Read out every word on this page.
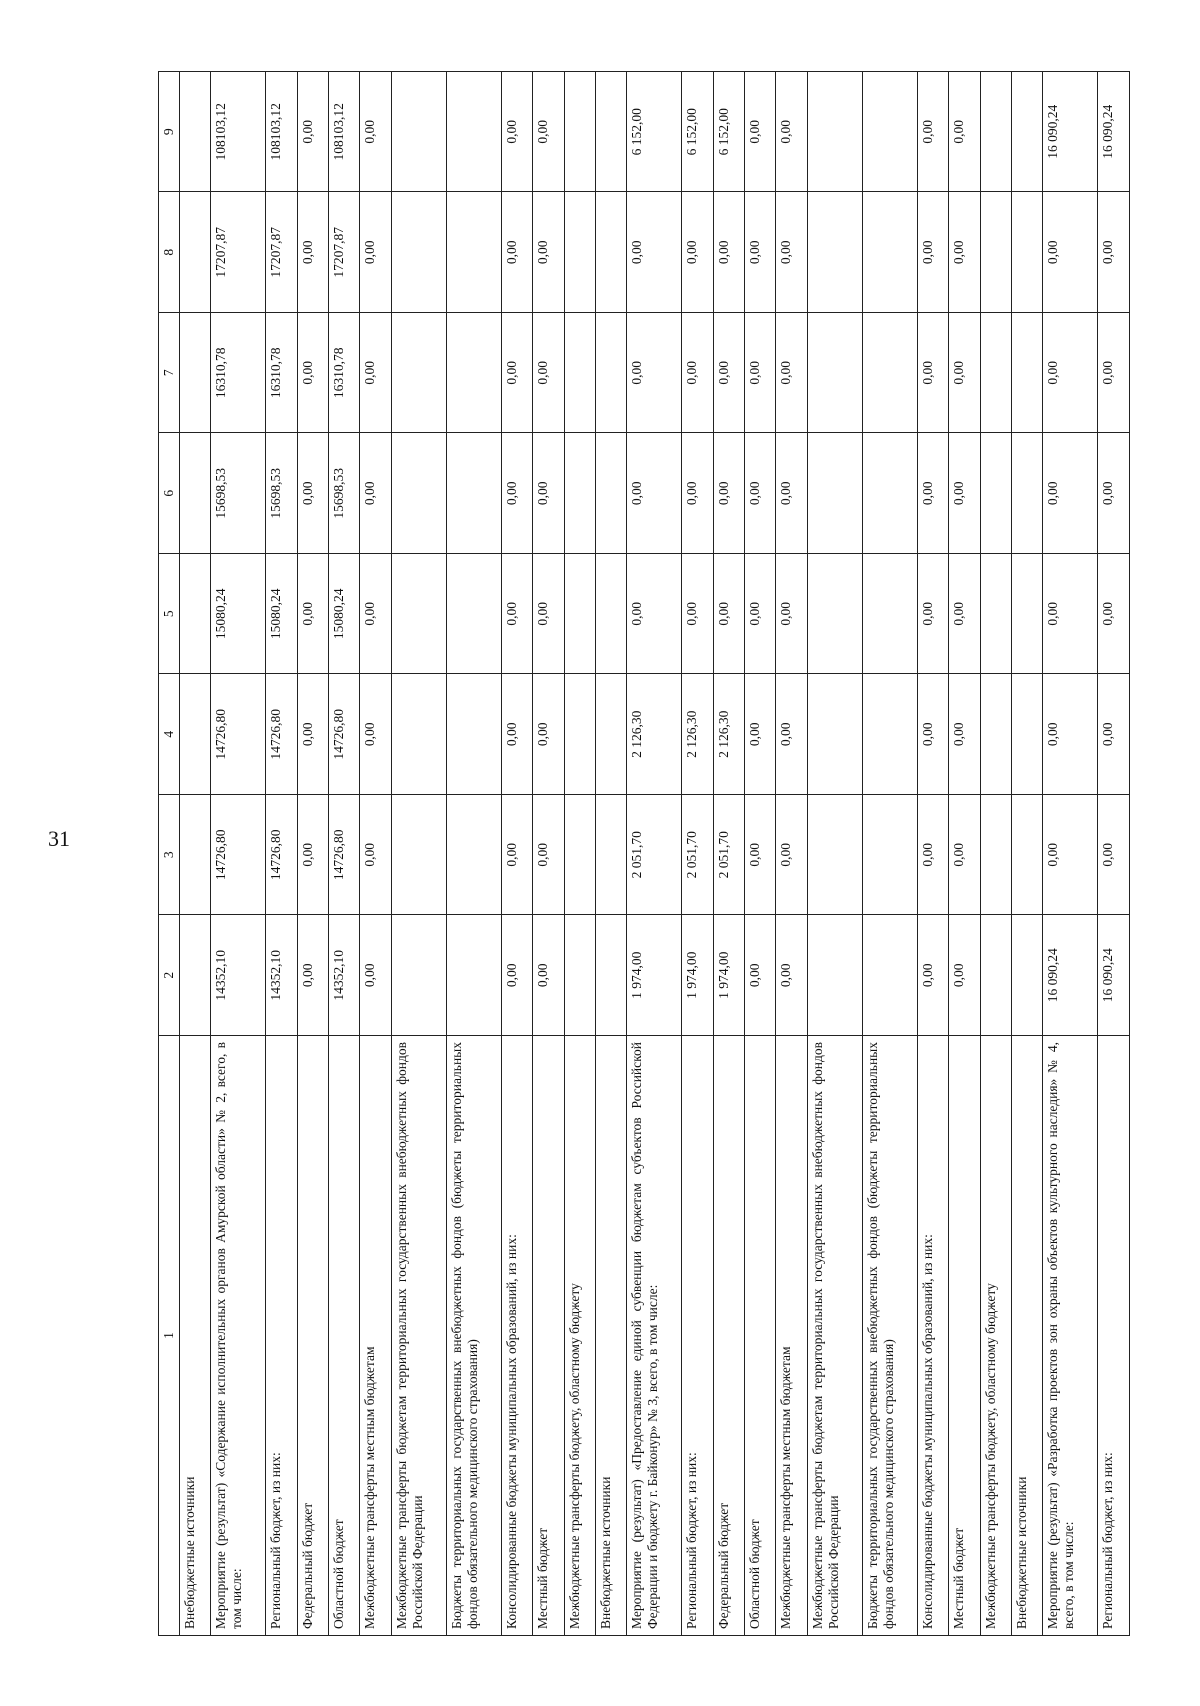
31
1	2	3	4	5	6	7	8	9
Внебюджетные источники								
Мероприятие (результат) «Содержание исполнительных органов Амурской области» № 2, всего, в том числе:	14352,10	14726,80	14726,80	15080,24	15698,53	16310,78	17207,87	108103,12
Региональный бюджет, из них:	14352,10	14726,80	14726,80	15080,24	15698,53	16310,78	17207,87	108103,12
Федеральный бюджет	0,00	0,00	0,00	0,00	0,00	0,00	0,00	0,00
Областной бюджет	14352,10	14726,80	14726,80	15080,24	15698,53	16310,78	17207,87	108103,12
Межбюджетные трансферты местным бюджетам	0,00	0,00	0,00	0,00	0,00	0,00	0,00	0,00
Межбюджетные трансферты бюджетам территориальных государственных внебюджетных фондов Российской Федерации								
Бюджеты территориальных государственных внебюджетных фондов (бюджеты территориальных фондов обязательного медицинского страхования)								
Консолидированные бюджеты муниципальных образований, из них:	0,00	0,00	0,00	0,00	0,00	0,00	0,00	0,00
Местный бюджет	0,00	0,00	0,00	0,00	0,00	0,00	0,00	0,00
Межбюджетные трансферты бюджету, областному бюджету								
Внебюджетные источники								
Мероприятие (результат) «Предоставление единой субвенции бюджетам субъектов Российской Федерации и бюджету г. Байконур» № 3, всего, в том числе:	1 974,00	2 051,70	2 126,30	0,00	0,00	0,00	0,00	6 152,00
Региональный бюджет, из них:	1 974,00	2 051,70	2 126,30	0,00	0,00	0,00	0,00	6 152,00
Федеральный бюджет	1 974,00	2 051,70	2 126,30	0,00	0,00	0,00	0,00	6 152,00
Областной бюджет	0,00	0,00	0,00	0,00	0,00	0,00	0,00	0,00
Межбюджетные трансферты местным бюджетам	0,00	0,00	0,00	0,00	0,00	0,00	0,00	0,00
Межбюджетные трансферты бюджетам территориальных государственных внебюджетных фондов Российской Федерации								
Бюджеты территориальных государственных внебюджетных фондов (бюджеты территориальных фондов обязательного медицинского страхования)								
Консолидированные бюджеты муниципальных образований, из них:	0,00	0,00	0,00	0,00	0,00	0,00	0,00	0,00
Местный бюджет	0,00	0,00	0,00	0,00	0,00	0,00	0,00	0,00
Межбюджетные трансферты бюджету, областному бюджету								
Внебюджетные источники								
Мероприятие (результат) «Разработка проектов зон охраны объектов культурного наследия» № 4, всего, в том числе:	16 090,24	0,00	0,00	0,00	0,00	0,00	0,00	16 090,24
Региональный бюджет, из них:	16 090,24	0,00	0,00	0,00	0,00	0,00	0,00	16 090,24
